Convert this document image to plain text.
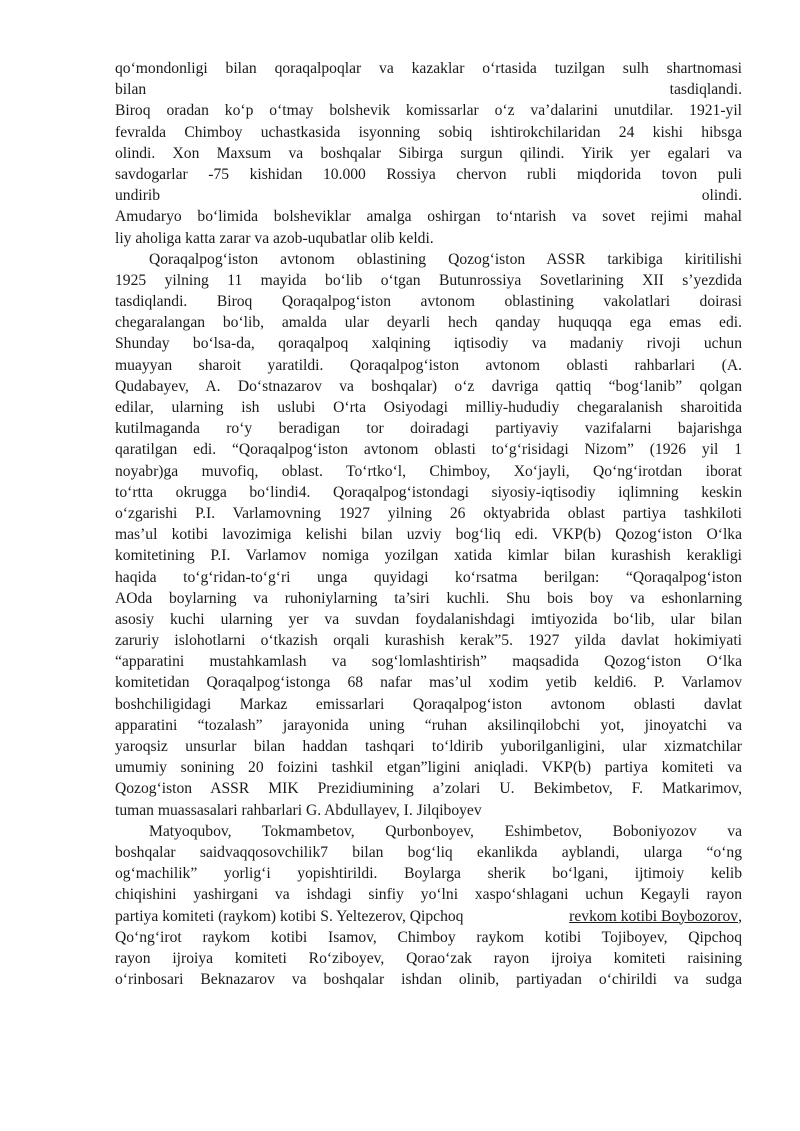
qo‘mondonligi bilan qoraqalpoqlar va kazaklar o‘rtasida tuzilgan sulh shartnomasi
bilan	tasdiqlandi.
Biroq oradan ko‘p o‘tmay bolshevik komissarlar o‘z va’dalarini unutdilar. 1921-yil
fevralda Chimboy uchastkasida isyonning sobiq ishtirokchilaridan 24 kishi hibsga
olindi. Xon Maxsum va boshqalar Sibirga surgun qilindi. Yirik yer egalari va
savdogarlar -75 kishidan 10.000 Rossiya chervon rubli miqdorida tovon puli
undirib	olindi.
Amudaryo bo‘limida bolsheviklar amalga oshirgan to‘ntarish va sovet rejimi mahal
liy aholiga katta zarar va azob-uqubatlar olib keldi.
Qoraqalpog‘iston avtonom oblastining Qozog‘iston ASSR tarkibiga kiritilishi
1925 yilning 11 mayida bo‘lib o‘tgan Butunrossiya Sovetlarining XII s’yezdida
tasdiqlandi. Biroq Qoraqalpog‘iston avtonom oblastining vakolatlari doirasi
chegaralangan bo‘lib, amalda ular deyarli hech qanday huquqqa ega emas edi.
Shunday bo‘lsa-da, qoraqalpoq xalqining iqtisodiy va madaniy rivoji uchun
muayyan sharoit yaratildi. Qoraqalpog‘iston avtonom oblasti rahbarlari (A.
Qudabayev, A. Do‘stnazarov va boshqalar) o‘z davriga qattiq “bog‘lanib” qolgan
edilar, ularning ish uslubi O‘rta Osiyodagi milliy-hududiy chegaralanish sharoitida
kutilmaganda ro‘y beradigan tor doiradagi partiyaviy vazifalarni bajarishga
qaratilgan edi. “Qoraqalpog‘iston avtonom oblasti to‘g‘risidagi Nizom” (1926 yil 1
noyabr)ga muvofiq, oblast. To‘rtko‘l, Chimboy, Xo‘jayli, Qo‘ng‘irotdan iborat
to‘rtta okrugga bo‘lindi4. Qoraqalpog‘istondagi siyosiy-iqtisodiy iqlimning keskin
o‘zgarishi P.I. Varlamovning 1927 yilning 26 oktyabrida oblast partiya tashkiloti
mas’ul kotibi lavozimiga kelishi bilan uzviy bog‘liq edi. VKP(b) Qozog‘iston O‘lka
komitetining P.I. Varlamov nomiga yozilgan xatida kimlar bilan kurashish kerakligi
haqida to‘g‘ridan-to‘g‘ri unga quyidagi ko‘rsatma berilgan: “Qoraqalpog‘iston
AOda boylarning va ruhoniylarning ta’siri kuchli. Shu bois boy va eshonlarning
asosiy kuchi ularning yer va suvdan foydalanishdagi imtiyozida bo‘lib, ular bilan
zaruriy islohotlarni o‘tkazish orqali kurashish kerak”5. 1927 yilda davlat hokimiyati
“apparatini mustahkamlash va sog‘lomlashtirish” maqsadida Qozog‘iston O‘lka
komitetidan Qoraqalpog‘istonga 68 nafar mas’ul xodim yetib keldi6. P. Varlamov
boshchiligidagi Markaz emissarlari Qoraqalpog‘iston avtonom oblasti davlat
apparatini “tozalash” jarayonida uning “ruhan aksilinqilobchi yot, jinoyatchi va
yaroqsiz unsurlar bilan haddan tashqari to‘ldirib yuborilganligini, ular xizmatchilar
umumiy sonining 20 foizini tashkil etgan”ligini aniqladi. VKP(b) partiya komiteti va
Qozog‘iston ASSR MIK Prezidiumining a’zolari U. Bekimbetov, F. Matkarimov,
tuman muassasalari rahbarlari G. Abdullayev, I. Jilqiboyev
Matyoqubov, Tokmambetov, Qurbonboyev, Eshimbetov, Boboniyozov va
boshqalar saidvaqqosovchilik7 bilan bog‘liq ekanlikda ayblandi, ularga “o‘ng
og‘machilik” yorlig‘i yopishtirildi. Boylarga sherik bo‘lgani, ijtimoiy kelib
chiqishini yashirgani va ishdagi sinfiy yo‘lni xaspo‘shlagani uchun Kegayli rayon
partiya komiteti (raykom) kotibi S. Yeltezerov, Qipchoq	revkom kotibi Boybozorov ,
Qo‘ng‘irot raykom kotibi Isamov, Chimboy raykom kotibi Tojiboyev, Qipchoq
rayon ijroiya komiteti Ro‘ziboyev, Qorao‘zak rayon ijroiya komiteti raisining
o‘rinbosari Beknazarov va boshqalar ishdan olinib, partiyadan o‘chirildi va sudga
